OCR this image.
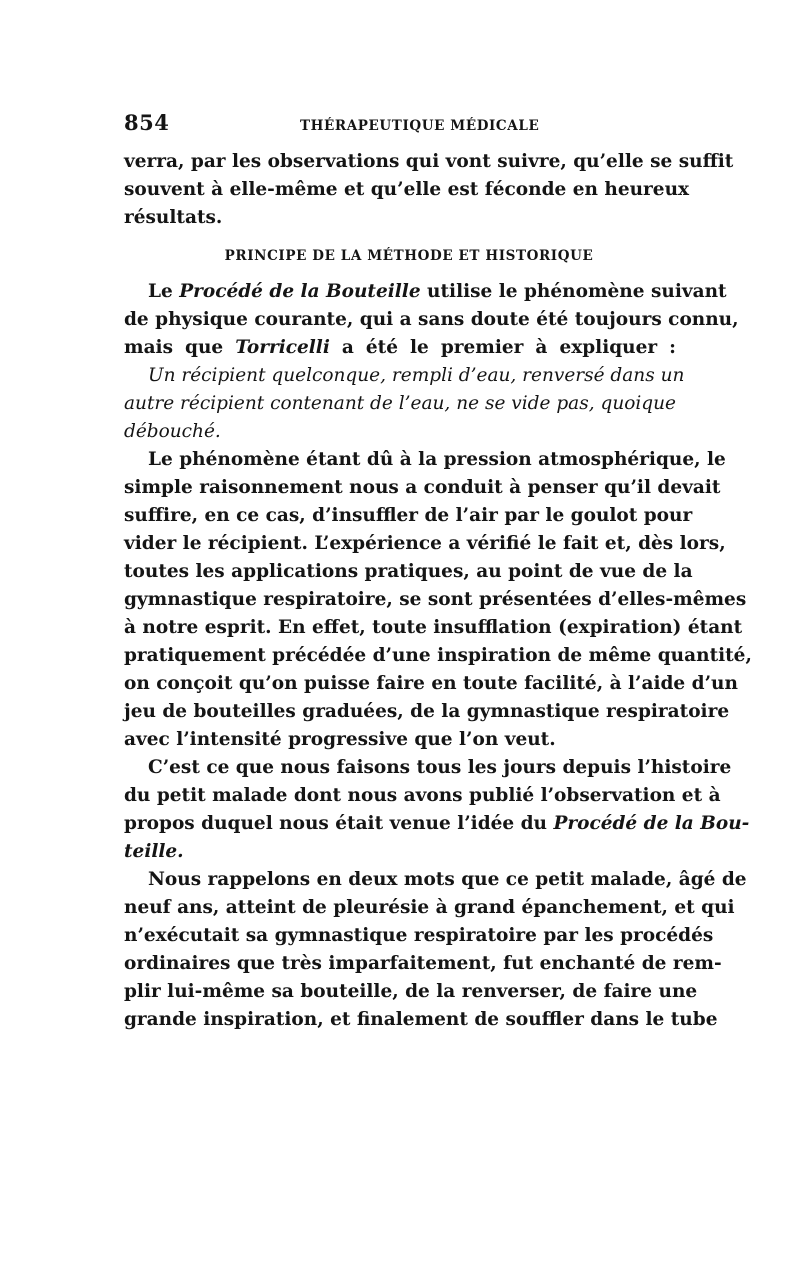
854	THÉRAPEUTIQUE MÉDICALE
verra, par les observations qui vont suivre, qu’elle se suffit
souvent à elle-même et qu’elle est féconde en heureux
résultats.
PRINCIPE DE LA MÉTHODE ET HISTORIQUE
Le Procédé de la Bouteille utilise le phénomène suivant
de physique courante, qui a sans doute été toujours connu,
mais que Torricelli a été le premier à expliquer :
Un récipient quelconque, rempli d’eau, renversé dans un
autre récipient contenant de l’eau, ne se vide pas, quoique
débouché.
Le phénomène étant dû à la pression atmosphérique, le
simple raisonnement nous a conduit à penser qu’il devait
suffire, en ce cas, d’insuffler de l’air par le goulot pour
vider le récipient. L’expérience a vérifié le fait et, dès lors,
toutes les applications pratiques, au point de vue de la
gymnastique respiratoire, se sont présentées d’elles-mêmes
à notre esprit. En effet, toute insufflation (expiration) étant
pratiquement précédée d’une inspiration de même quantité,
on conçoit qu’on puisse faire en toute facilité, à l’aide d’un
jeu de bouteilles graduées, de la gymnastique respiratoire
avec l’intensité progressive que l’on veut.
C’est ce que nous faisons tous les jours depuis l’histoire
du petit malade dont nous avons publié l’observation et à
propos duquel nous était venue l’idée du Procédé de la Bou-
teille.
Nous rappelons en deux mots que ce petit malade, âgé de
neuf ans, atteint de pleurésie à grand épanchement, et qui
n’exécutait sa gymnastique respiratoire par les procédés
ordinaires que très imparfaitement, fut enchanté de rem-
plir lui-même sa bouteille, de la renverser, de faire une
grande inspiration, et finalement de souffler dans le tube
